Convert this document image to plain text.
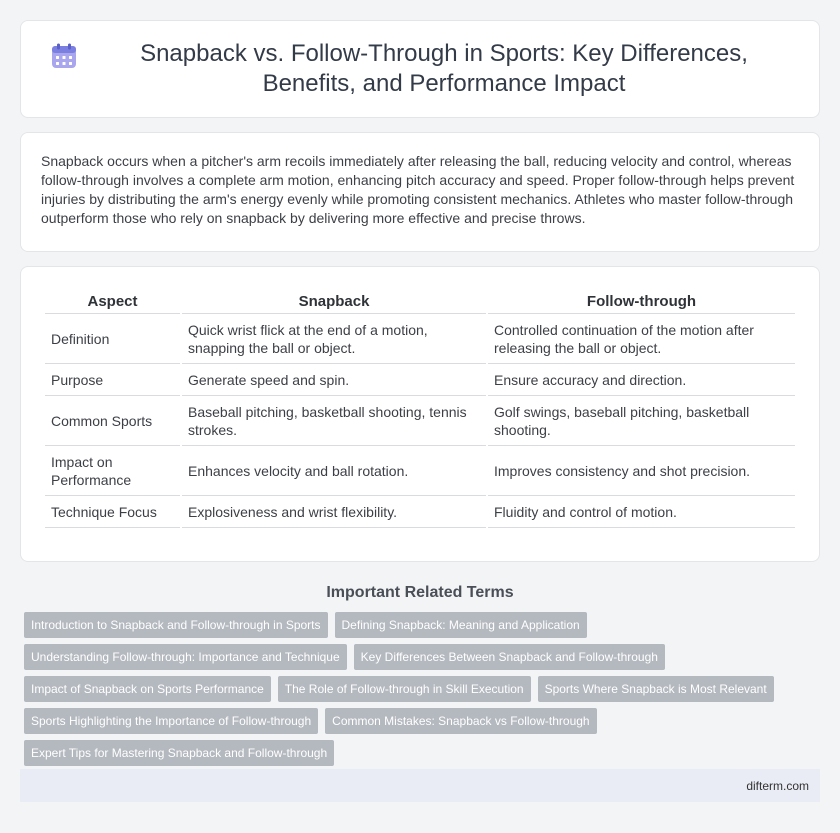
Snapback vs. Follow-Through in Sports: Key Differences, Benefits, and Performance Impact

Snapback occurs when a pitcher's arm recoils immediately after releasing the ball, reducing velocity and control, whereas follow-through involves a complete arm motion, enhancing pitch accuracy and speed. Proper follow-through helps prevent injuries by distributing the arm's energy evenly while promoting consistent mechanics. Athletes who master follow-through outperform those who rely on snapback by delivering more effective and precise throws.

Aspect	Snapback	Follow-through
Definition	Quick wrist flick at the end of a motion, snapping the ball or object.	Controlled continuation of the motion after releasing the ball or object.
Purpose	Generate speed and spin.	Ensure accuracy and direction.
Common Sports	Baseball pitching, basketball shooting, tennis strokes.	Golf swings, baseball pitching, basketball shooting.
Impact on Performance	Enhances velocity and ball rotation.	Improves consistency and shot precision.
Technique Focus	Explosiveness and wrist flexibility.	Fluidity and control of motion.
Important Related Terms
Introduction to Snapback and Follow-through in Sports	Defining Snapback: Meaning and Application
Understanding Follow-through: Importance and Technique	Key Differences Between Snapback and Follow-through
Impact of Snapback on Sports Performance	The Role of Follow-through in Skill Execution	Sports Where Snapback is Most Relevant
Sports Highlighting the Importance of Follow-through	Common Mistakes: Snapback vs Follow-through
Expert Tips for Mastering Snapback and Follow-through
difterm.com
